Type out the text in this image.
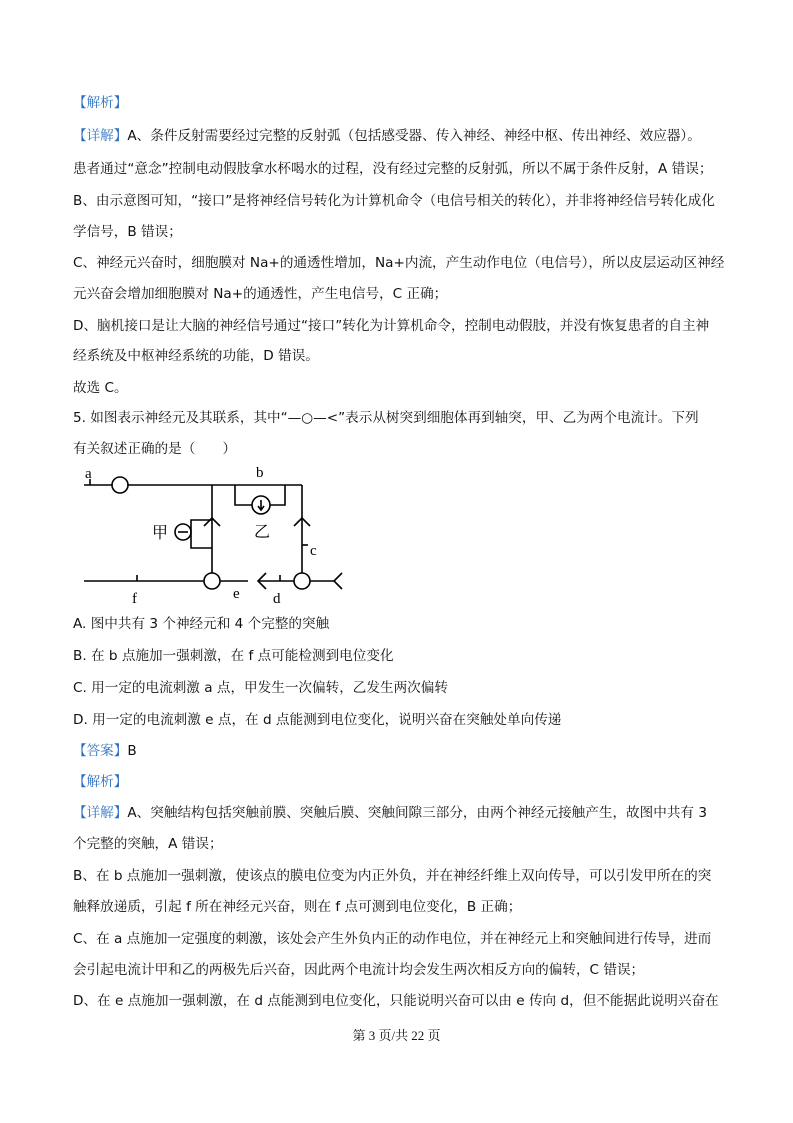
【解析】
【详解】A、条件反射需要经过完整的反射弧（包括感受器、传入神经、神经中枢、传出神经、效应器）。
患者通过“意念”控制电动假肢拿水杯喝水的过程，没有经过完整的反射弧，所以不属于条件反射，A 错误；
B、由示意图可知，“接口”是将神经信号转化为计算机命令（电信号相关的转化），并非将神经信号转化成化
学信号，B 错误；
C、神经元兴奋时，细胞膜对 Na+的通透性增加，Na+内流，产生动作电位（电信号），所以皮层运动区神经
元兴奋会增加细胞膜对 Na+的通透性，产生电信号，C 正确；
D、脑机接口是让大脑的神经信号通过“接口”转化为计算机命令，控制电动假肢，并没有恢复患者的自主神
经系统及中枢神经系统的功能，D 错误。
故选 C。
5. 如图表示神经元及其联系，其中“—○—<”表示从树突到细胞体再到轴突，甲、乙为两个电流计。下列
有关叙述正确的是（　　）
a	b
乙
甲
c
e d
f
A. 图中共有 3 个神经元和 4 个完整的突触
B. 在 b 点施加一强刺激，在 f 点可能检测到电位变化
C. 用一定的电流刺激 a 点，甲发生一次偏转，乙发生两次偏转
D. 用一定的电流刺激 e 点，在 d 点能测到电位变化，说明兴奋在突触处单向传递
【答案】B
【解析】
【详解】A、突触结构包括突触前膜、突触后膜、突触间隙三部分，由两个神经元接触产生，故图中共有 3
个完整的突触，A 错误；
B、在 b 点施加一强刺激，使该点的膜电位变为内正外负，并在神经纤维上双向传导，可以引发甲所在的突
触释放递质，引起 f 所在神经元兴奋，则在 f 点可测到电位变化，B 正确；
C、在 a 点施加一定强度的刺激，该处会产生外负内正的动作电位，并在神经元上和突触间进行传导，进而
会引起电流计甲和乙的两极先后兴奋，因此两个电流计均会发生两次相反方向的偏转，C 错误；
D、在 e 点施加一强刺激，在 d 点能测到电位变化，只能说明兴奋可以由 e 传向 d，但不能据此说明兴奋在
第 3 页/共 22 页
